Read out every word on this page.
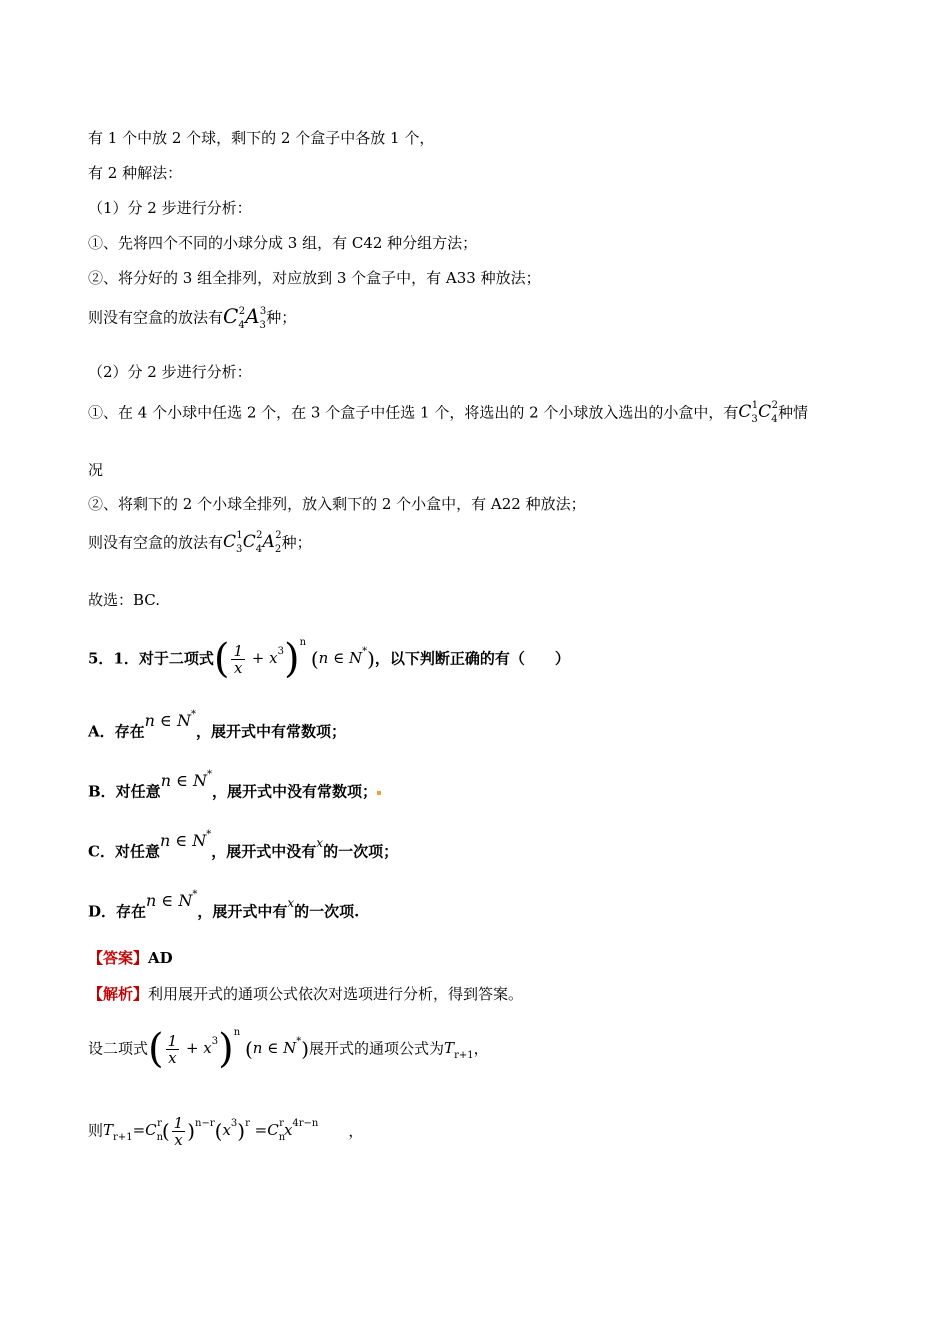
有 1 个中放 2 个球，剩下的 2 个盒子中各放 1 个，
有 2 种解法：
（1）分 2 步进行分析：
①、先将四个不同的小球分成 3 组，有 C42 种分组方法；
②、将分好的 3 组全排列，对应放到 3 个盒子中，有 A33 种放法；
则没有空盒的放法有$C_4^2A_3^3$种；
（2）分 2 步进行分析：
①、在 4 个小球中任选 2 个，在 3 个盒子中任选 1 个，将选出的 2 个小球放入选出的小盒中，有$C_3^1C_4^2$种情
况
②、将剩下的 2 个小球全排列，放入剩下的 2 个小盒中，有 A22 种放法；
则没有空盒的放法有$C_3^1C_4^2A_2^2$种；
故选：BC.
5．1．对于二项式( $\frac{1}{x} + x^3)^n$ (n ∈ N*)，以下判断正确的有（　　）
A．存在n ∈ N*，展开式中有常数项；
B．对任意n ∈ N*，展开式中没有常数项；
C．对任意n ∈ N*，展开式中没有x的一次项；
D．存在n ∈ N*，展开式中有x的一次项.
【答案】AD
【解析】利用展开式的通项公式依次对选项进行分析，得到答案。
设二项式( $\frac{1}{x} + x^3)^n$ (n ∈ N*)展开式的通项公式为$T_{r+1}$，
则$T_{r+1}=C_n^r( \frac{1}{x} )^{n-r}(x^3)^r =C_n^rx^{4r-n}$ ，
